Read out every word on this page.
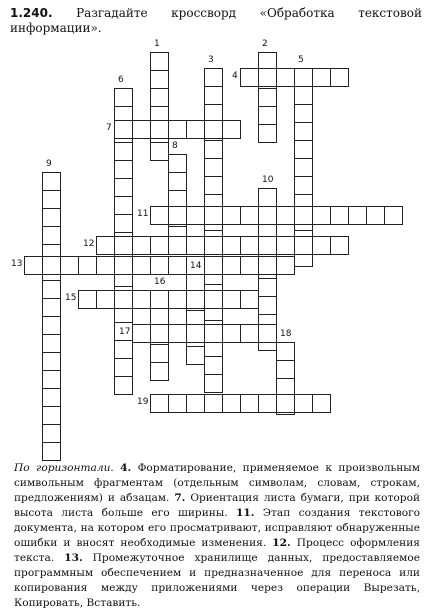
1.240. Разгадайте кроссворд «Обработка текстовой информации».
1	2
3
4
5
6
7
8
9
10
11
12
13	14
15
16
17	18
19
По горизонтали. 4. Форматирование, применяемое к произвольным символьным фрагментам (отдельным символам, словам, строкам, предложениям) и абзацам. 7. Ориентация листа бумаги, при которой высота листа больше его ширины. 11. Этап создания текстового документа, на котором его просматривают, исправляют обнаруженные ошибки и вносят необходимые изменения. 12. Процесс оформления текста. 13. Промежуточное хранилище данных, предоставляемое программным обеспечением и предназначенное для переноса или копирования между приложениями через операции Вырезать, Копировать, Вставить.
